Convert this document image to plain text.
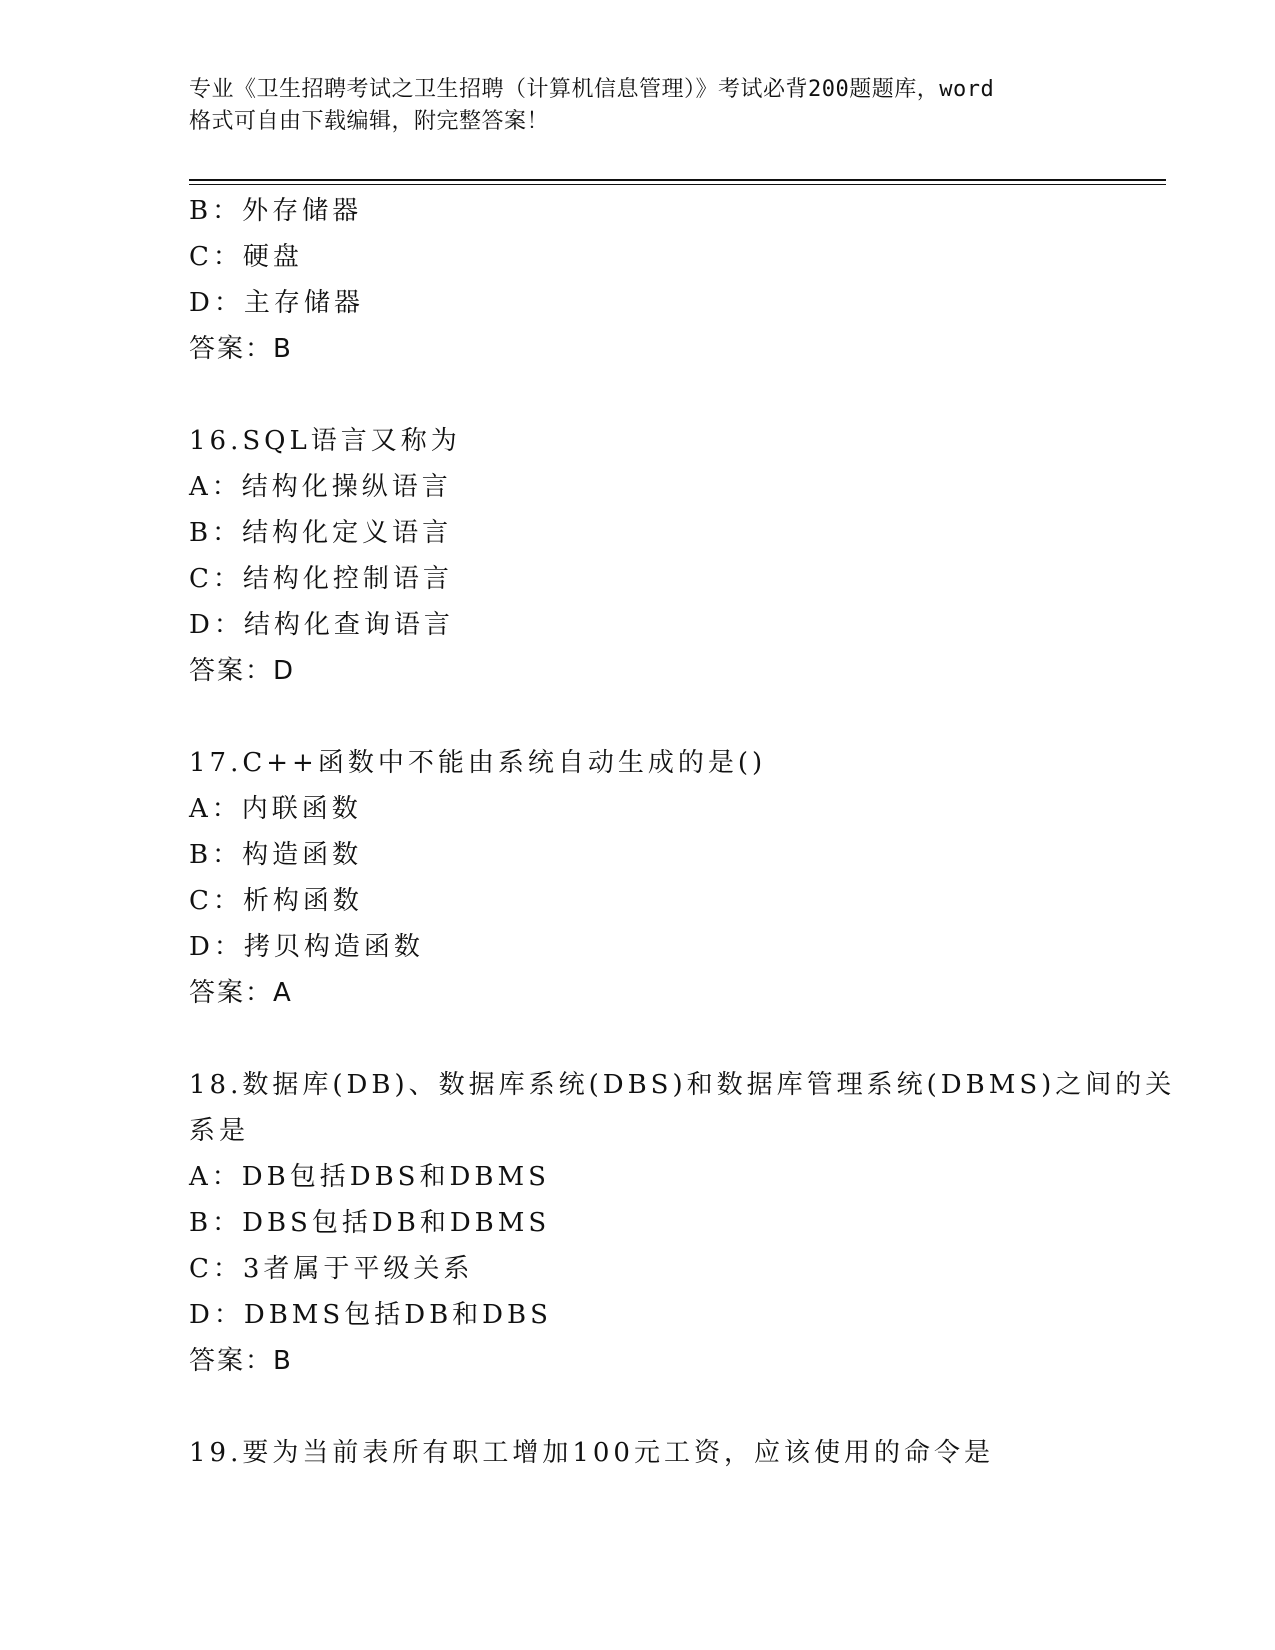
专业《卫生招聘考试之卫生招聘（计算机信息管理）》考试必背200题题库，word
格式可自由下载编辑，附完整答案！
B：外存储器
C：硬盘
D：主存储器
答案：B
16.SQL语言又称为
A：结构化操纵语言
B：结构化定义语言
C：结构化控制语言
D：结构化查询语言
答案：D
17.C++函数中不能由系统自动生成的是()
A：内联函数
B：构造函数
C：析构函数
D：拷贝构造函数
答案：A
18.数据库(DB)、数据库系统(DBS)和数据库管理系统(DBMS)之间的关
系是
A：DB包括DBS和DBMS
B：DBS包括DB和DBMS
C：3者属于平级关系
D：DBMS包括DB和DBS
答案：B
19.要为当前表所有职工增加100元工资，应该使用的命令是
